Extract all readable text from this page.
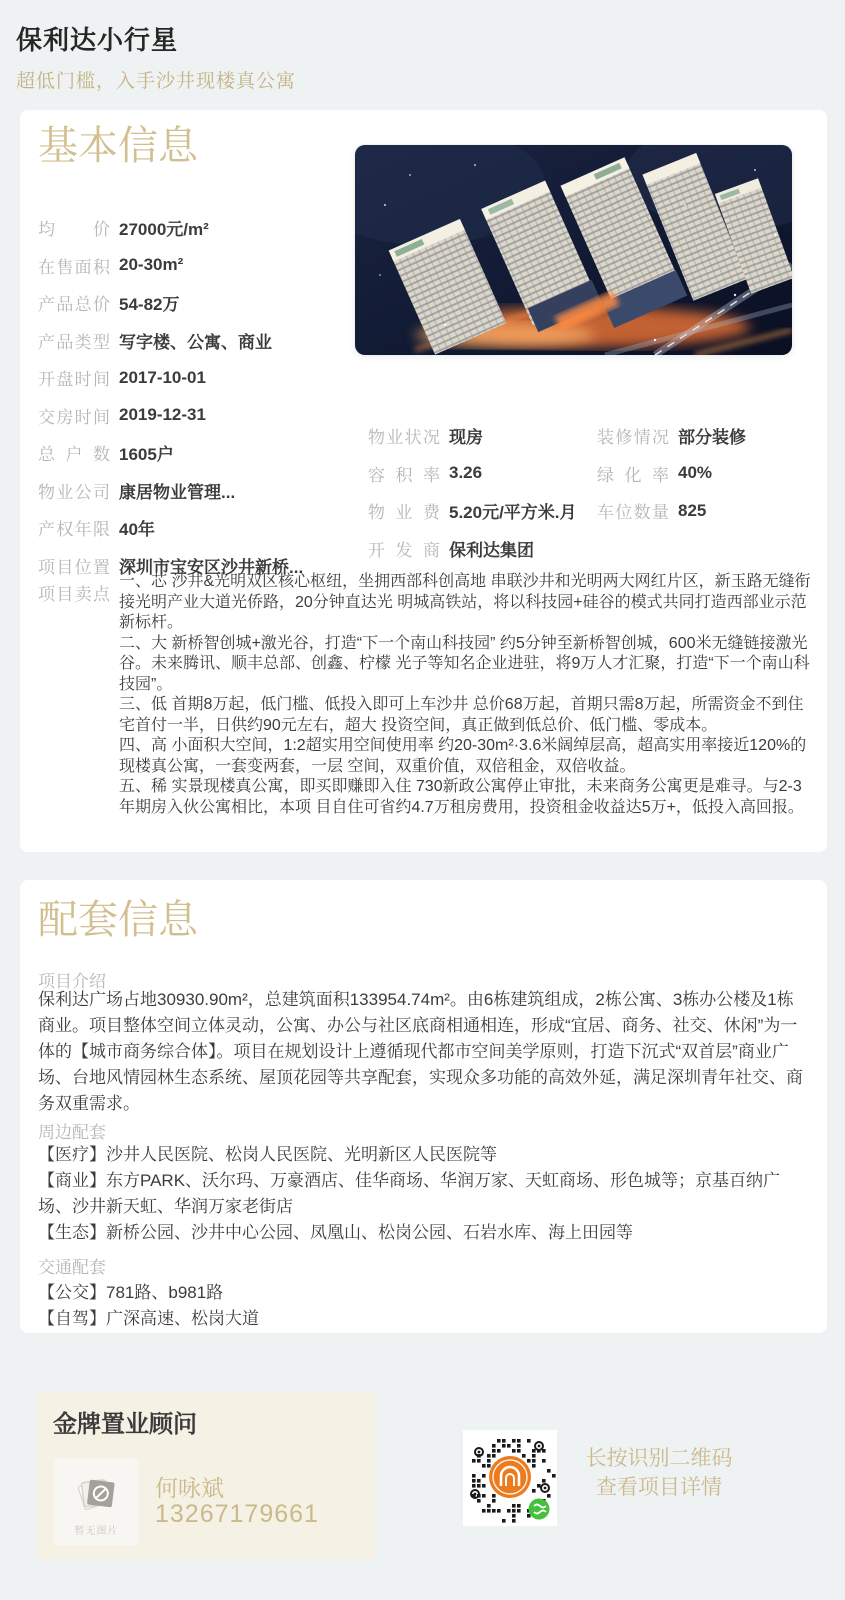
保利达小行星
超低门槛，入手沙井现楼真公寓
基本信息
均价 27000元/m²
在售面积 20-30m²
产品总价 54-82万
产品类型 写字楼、公寓、商业
开盘时间 2017-10-01
交房时间 2019-12-31
总户数 1605户
物业公司 康居物业管理...
产权年限 40年
项目位置 深圳市宝安区沙井新桥...
物业状况 现房
容积率 3.26
物业费 5.20元/平方米.月
开发商 保利达集团
装修情况 部分装修
绿化率 40%
车位数量 825
项目卖点

一、芯 沙井&光明双区核心枢纽，坐拥西部科创高地 串联沙井和光明两大网红片区，新玉路无缝衔接光明产业大道光侨路，20分钟直达光 明城高铁站，将以科技园+硅谷的模式共同打造西部业示范新标杆。

二、大 新桥智创城+激光谷，打造“下一个南山科技园” 约5分钟至新桥智创城，600米无缝链接激光谷。未来腾讯、顺丰总部、创鑫、柠檬 光子等知名企业进驻，将9万人才汇聚，打造“下一个南山科技园”。

三、低 首期8万起，低门槛、低投入即可上车沙井 总价68万起，首期只需8万起，所需资金不到住宅首付一半，日供约90元左右，超大 投资空间，真正做到低总价、低门槛、零成本。

四、高 小面积大空间，1:2超实用空间使用率 约20-30m²·3.6米阔绰层高，超高实用率接近120%的现楼真公寓，一套变两套，一层 空间，双重价值，双倍租金，双倍收益。

五、稀 实景现楼真公寓，即买即赚即入住 730新政公寓停止审批，未来商务公寓更是难寻。与2-3年期房入伙公寓相比，本项 目自住可省约4.7万租房费用，投资租金收益达5万+，低投入高回报。

配套信息
项目介绍

保利达广场占地30930.90m²，总建筑面积133954.74m²。由6栋建筑组成，2栋公寓、3栋办公楼及1栋商业。项目整体空间立体灵动，公寓、办公与社区底商相通相连，形成“宜居、商务、社交、休闲”为一体的【城市商务综合体】。项目在规划设计上遵循现代都市空间美学原则，打造下沉式“双首层”商业广场、台地风情园林生态系统、屋顶花园等共享配套，实现众多功能的高效外延，满足深圳青年社交、商务双重需求。

周边配套

【医疗】沙井人民医院、松岗人民医院、光明新区人民医院等

【商业】东方PARK、沃尔玛、万豪酒店、佳华商场、华润万家、天虹商场、形色城等；京基百纳广场、沙井新天虹、华润万家老街店

【生态】新桥公园、沙井中心公园、凤凰山、松岗公园、石岩水库、海上田园等

交通配套

【公交】781路、b981路

【自驾】广深高速、松岗大道

金牌置业顾问
暂无图片
何咏斌
13267179661
长按识别二维码
查看项目详情
